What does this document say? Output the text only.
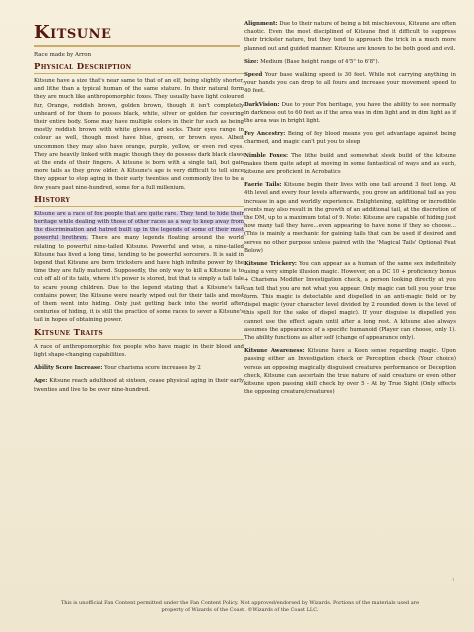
Kitsune

Race made by Arron

Physical Description

Kitsune have a size that's near same to that of an elf, being slightly shorter, and lithe than a typical human of the same stature. In their natural form they are much like anthropomorphic foxes. They usually have light coloured fur, Orange, reddish brown, golden brown, though it isn't completely unheard of for them to posses black, white, silver or golden fur covering their entire body. Some may have multiple colors in their fur such as being mostly reddish brown with white gloves and socks. Their eyes range in colour as well, though most have blue, green, or brown eyes. Albeit uncommon they may also have orange, purple, yellow, or even red eyes. They are heavily linked with magic though they do possess dark black claws at the ends of their fingers. A kitsune is born with a single tail, but gain more tails as they grow older. A Kitsune's age is very difficult to tell since they appear to stop aging in their early twenties and commonly live to be a few years past nine-hundred, some for a full millenium.

History

Kitsune are a race of fox people that are quite rare. They tend to hide their heritage while dealing with those of other races as a way to keep away from the discrimination and hatred built up in the legends of some of their most powerful brethren. There are many legends floating around the world relating to powerful nine-tailed Kitsune. Powerful and wise, a nine-tailed Kitsune has lived a long time, tending to be powerful sorcerers. It is said in legend that Kitsune are born tricksters and have high infinite power by the time they are fully matured. Supposedly, the only way to kill a Kitsune is to cut off all of its tails, where it's power is stored, but that is simply a tall tale to scare young children. Due to the legend stating that a Kitsune's tail contains power, the Kitsune were nearly wiped out for their tails and most of them went into hiding. Only just getting back into the world after centuries of hiding, it is still the practice of some races to sever a Kitsune's tail in hopes of obtaining power.

Kitsune Traits

A race of anthropomorphic fox people who have magic in their blood and light shape-changing capabilities.

Ability Score Increase: Your charisma score increases by 2

Age: Kitsune reach adulthood at sixteen, cease physical aging in their early twenties and live to be over nine-hundred.

Alignment: Due to their nature of being a bit mischievous, Kitsune are often chaotic. Even the most disciplined of Kitsune find it difficult to suppress their trickster nature, but they tend to approach the trick in a much more planned out and guided manner. Kitsune are known to be both good and evil.

Size: Medium (Base height range of 4'5" to 6'8").

Speed Your base walking speed is 30 feet. While not carrying anything in your hands you can drop to all fours and increase your movement speed to 40 feet.

DarkVision: Due to your Fox heritage, you have the ability to see normally in darkness out to 60 feet as if the area was in dim light and in dim light as if the area was in bright light.

Fey Ancestry: Being of fey blood means you get advantage against being charmed, and magic can't put you to sleep

Nimble Foxes: The lithe build and somewhat sleek build of the kitsune makes them quite adept at moving in some fantastical of ways and as such, kitsune are proficient in Acrobatics

Faerie Tails: Kitsune begin their lives with one tail around 3 feet long. At 4th level and every four levels afterwards, you grow an additional tail as you increase in age and worldly experience. Enlightening, uplifting or incredible events may also result in the growth of an additional tail, at the discretion of the DM, up to a maximum total of 9. Note: Kitsune are capable of hiding just how many tail they have...even appearing to have none if they so choose...(This is mainly a mechanic for gaining tails that can be used if desired and serves no other purpose unless paired with the 'Magical Tails' Optional Feat Below)

Kitsune Trickery: You can appear as a human of the same sex indefinitely using a very simple illusion magic. However, on a DC 10 + proficiency bonus + Charisma Modifier Investigation check, a person looking directly at you can tell that you are not what you appear. Only magic can tell you your true form. This magic is detectable and dispelled in an anti-magic field or by dispel magic (your character level divided by 2 rounded down is the level of this spell for the sake of dispel magic). If your disguise is dispelled you cannot use the effect again until after a long rest. A kitsune also always assumes the appearance of a specific humanoid (Player can choose, only 1). The ability functions as alter self (change of appearance only).

Kitsune Awareness: Kitsune have a Keen sense regarding magic. Upon passing either an Investigation check or Perception check (Your choice) versus an opposing magically disguised creatures performance or Deception check, Kitsune can ascertain the true nature of said creature or even other kitsune upon passing skill check by over 5 - At by True Sight (Only effects the opposing creature/creatures)

1
This is unofficial Fan Content permitted under the Fan Content Policy. Not approved/endorsed by Wizards. Portions of the materials used are property of Wizards of the Coast. ©Wizards of the Coast LLC.
